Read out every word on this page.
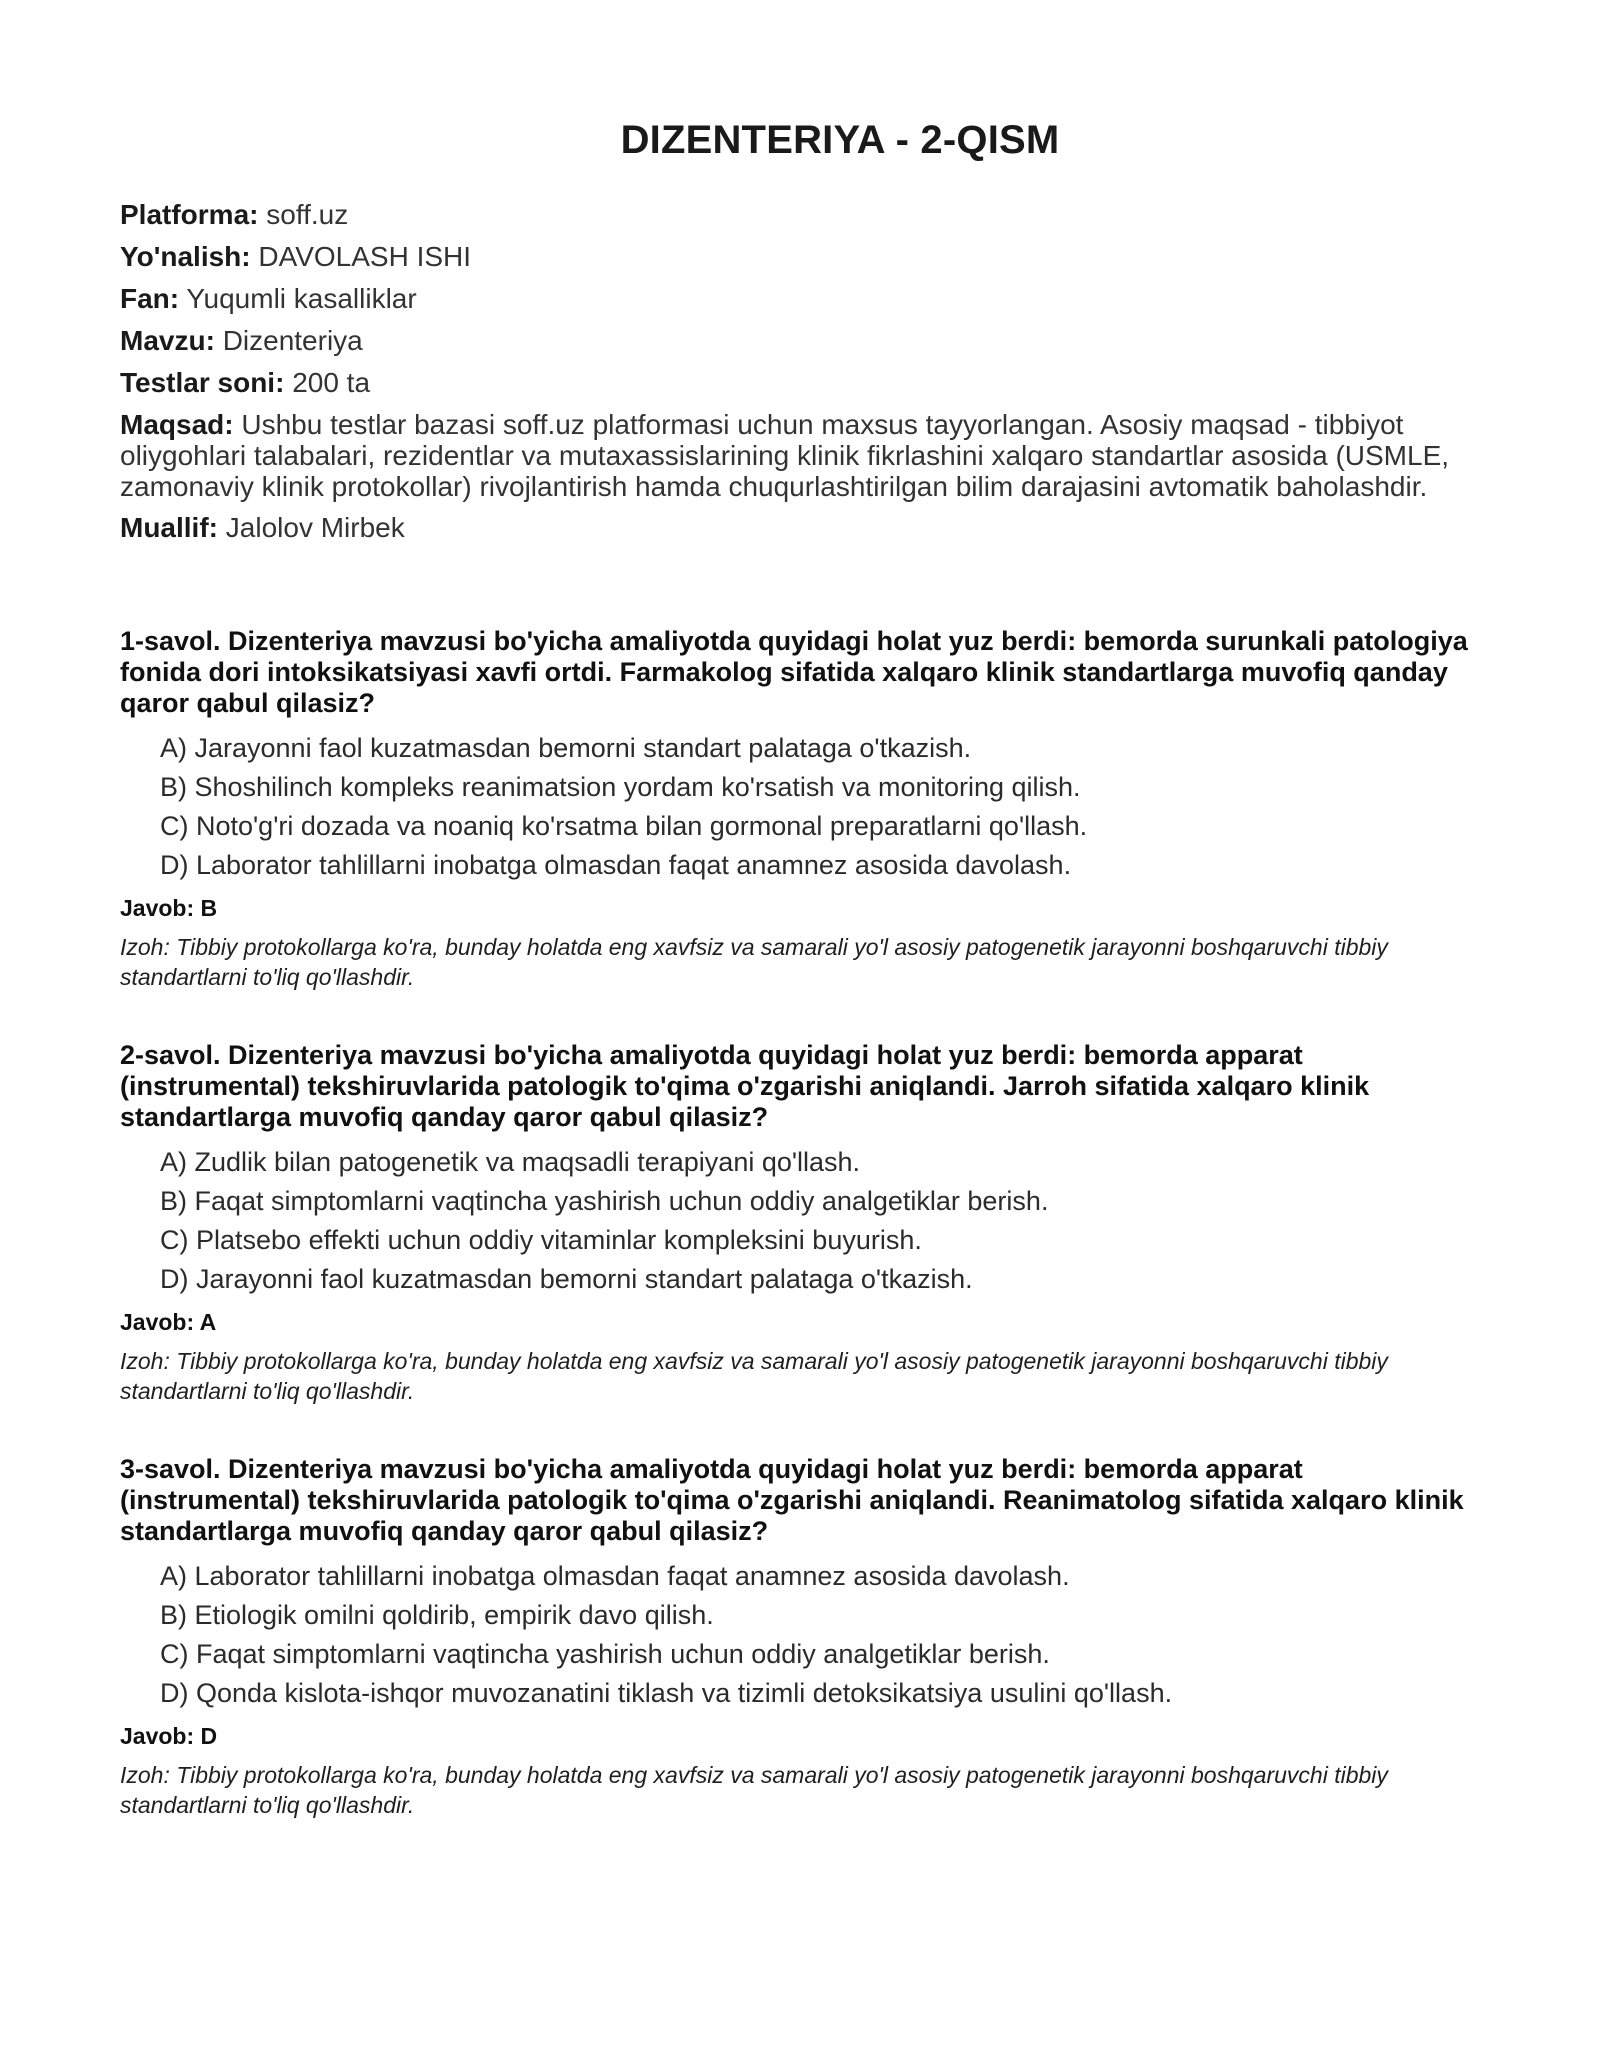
DIZENTERIYA - 2-QISM

Platforma: soff.uz

Yo'nalish: DAVOLASH ISHI

Fan: Yuqumli kasalliklar

Mavzu: Dizenteriya

Testlar soni: 200 ta

Maqsad: Ushbu testlar bazasi soff.uz platformasi uchun maxsus tayyorlangan. Asosiy maqsad - tibbiyot oliygohlari talabalari, rezidentlar va mutaxassislarining klinik fikrlashini xalqaro standartlar asosida (USMLE, zamonaviy klinik protokollar) rivojlantirish hamda chuqurlashtirilgan bilim darajasini avtomatik baholashdir.

Muallif: Jalolov Mirbek

1-savol. Dizenteriya mavzusi bo'yicha amaliyotda quyidagi holat yuz berdi: bemorda surunkali patologiya fonida dori intoksikatsiyasi xavfi ortdi. Farmakolog sifatida xalqaro klinik standartlarga muvofiq qanday qaror qabul qilasiz?

A) Jarayonni faol kuzatmasdan bemorni standart palataga o'tkazish.
B) Shoshilinch kompleks reanimatsion yordam ko'rsatish va monitoring qilish.
C) Noto'g'ri dozada va noaniq ko'rsatma bilan gormonal preparatlarni qo'llash.
D) Laborator tahlillarni inobatga olmasdan faqat anamnez asosida davolash.

Javob: B

Izoh: Tibbiy protokollarga ko'ra, bunday holatda eng xavfsiz va samarali yo'l asosiy patogenetik jarayonni boshqaruvchi tibbiy standartlarni to'liq qo'llashdir.

2-savol. Dizenteriya mavzusi bo'yicha amaliyotda quyidagi holat yuz berdi: bemorda apparat (instrumental) tekshiruvlarida patologik to'qima o'zgarishi aniqlandi. Jarroh sifatida xalqaro klinik standartlarga muvofiq qanday qaror qabul qilasiz?

A) Zudlik bilan patogenetik va maqsadli terapiyani qo'llash.
B) Faqat simptomlarni vaqtincha yashirish uchun oddiy analgetiklar berish.
C) Platsebo effekti uchun oddiy vitaminlar kompleksini buyurish.
D) Jarayonni faol kuzatmasdan bemorni standart palataga o'tkazish.

Javob: A

Izoh: Tibbiy protokollarga ko'ra, bunday holatda eng xavfsiz va samarali yo'l asosiy patogenetik jarayonni boshqaruvchi tibbiy standartlarni to'liq qo'llashdir.

3-savol. Dizenteriya mavzusi bo'yicha amaliyotda quyidagi holat yuz berdi: bemorda apparat (instrumental) tekshiruvlarida patologik to'qima o'zgarishi aniqlandi. Reanimatolog sifatida xalqaro klinik standartlarga muvofiq qanday qaror qabul qilasiz?

A) Laborator tahlillarni inobatga olmasdan faqat anamnez asosida davolash.
B) Etiologik omilni qoldirib, empirik davo qilish.
C) Faqat simptomlarni vaqtincha yashirish uchun oddiy analgetiklar berish.
D) Qonda kislota-ishqor muvozanatini tiklash va tizimli detoksikatsiya usulini qo'llash.

Javob: D

Izoh: Tibbiy protokollarga ko'ra, bunday holatda eng xavfsiz va samarali yo'l asosiy patogenetik jarayonni boshqaruvchi tibbiy standartlarni to'liq qo'llashdir.
